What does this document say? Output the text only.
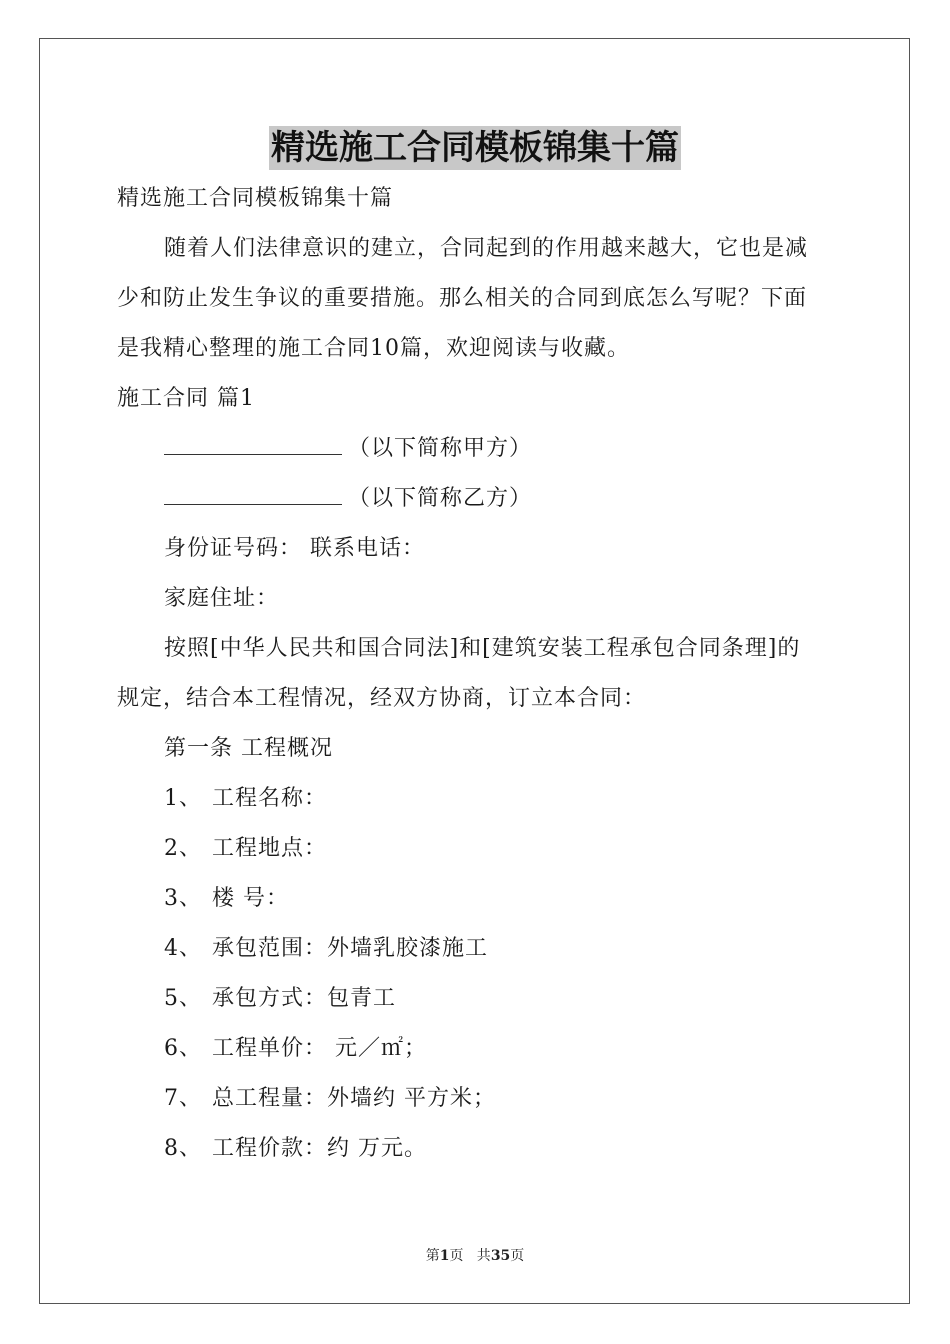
精选施工合同模板锦集十篇
精选施工合同模板锦集十篇
随着人们法律意识的建立，合同起到的作用越来越大，它也是减
少和防止发生争议的重要措施。那么相关的合同到底怎么写呢？下面
是我精心整理的施工合同10篇，欢迎阅读与收藏。
施工合同 篇1
（以下简称甲方）
（以下简称乙方）
身份证号码： 联系电话：
家庭住址：
按照[中华人民共和国合同法]和[建筑安装工程承包合同条理]的
规定，结合本工程情况，经双方协商，订立本合同：
第一条 工程概况
1、 工程名称：
2、 工程地点：
3、 楼 号：
4、 承包范围：外墙乳胶漆施工
5、 承包方式：包青工
6、 工程单价： 元／㎡；
7、 总工程量：外墙约 平方米；
8、 工程价款：约 万元。
第1页   共35页
